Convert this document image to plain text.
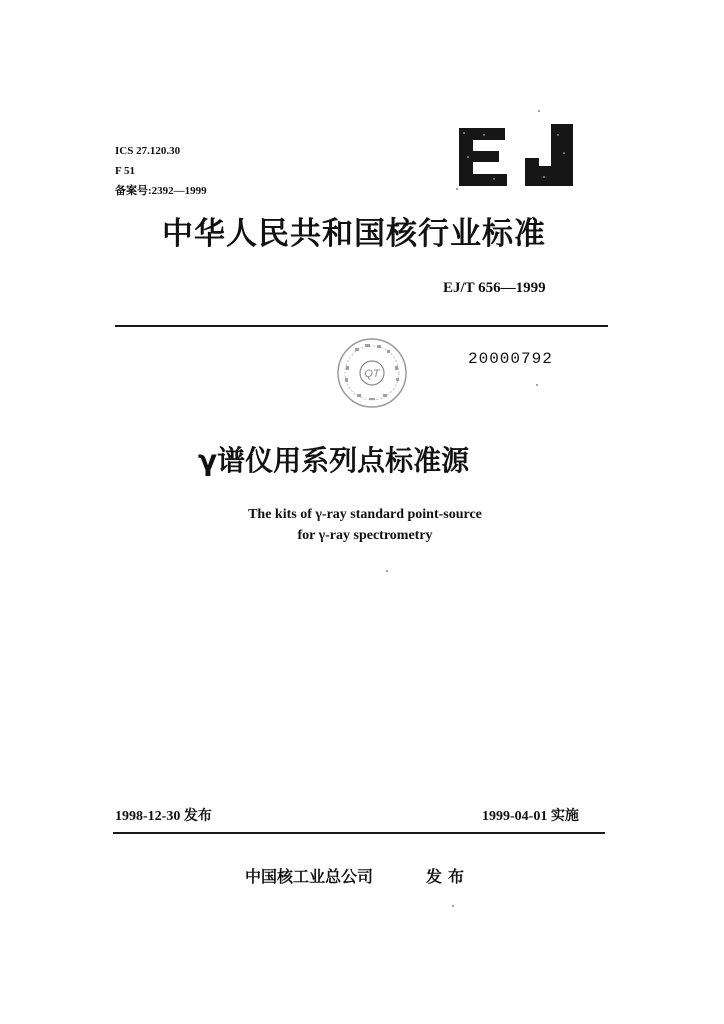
ICS 27.120.30
F 51
备案号:2392—1999
中华人民共和国核行业标准
EJ/T 656—1999
QT
20000792
γ谱仪用系列点标准源
The kits of γ-ray standard point-source
for γ-ray spectrometry
1998-12-30 发布	1999-04-01 实施
中国核工业总公司	发布
